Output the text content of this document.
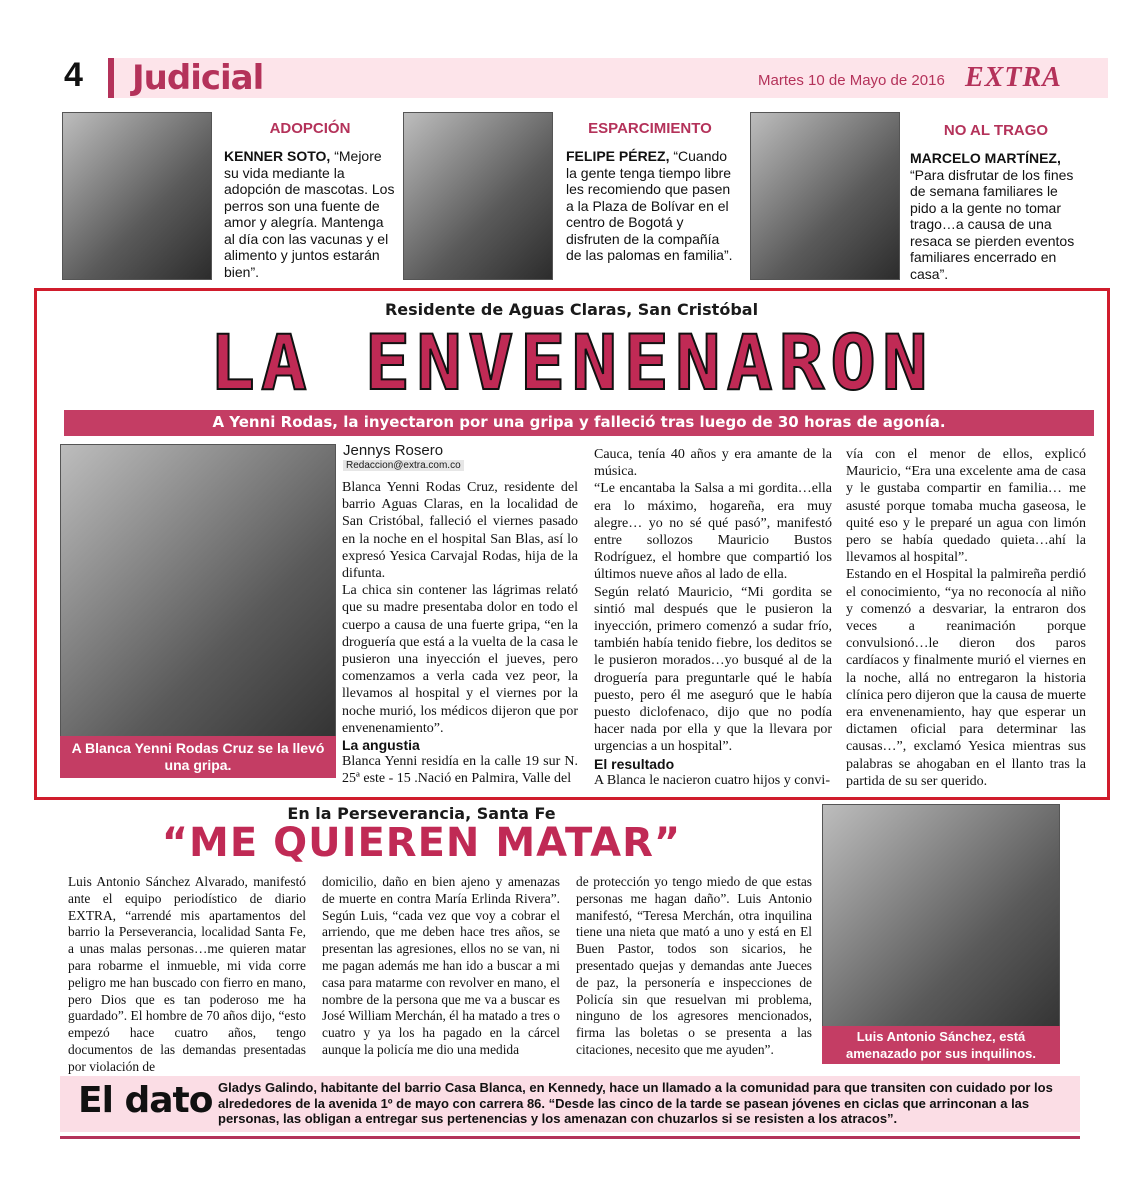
4 Judicial	Martes 10 de Mayo de 2016 EXTRA
ADOPCIÓN
KENNER SOTO, “Mejore su vida mediante la adopción de mascotas. Los perros son una fuente de amor y alegría. Mantenga al día con las vacunas y el alimento y juntos estarán bien”.
ESPARCIMIENTO
FELIPE PÉREZ, “Cuando la gente tenga tiempo libre les recomiendo que pasen a la Plaza de Bolívar en el centro de Bogotá y disfruten de la compañía de las palomas en familia”.
NO AL TRAGO
MARCELO MARTÍNEZ, “Para disfrutar de los fines de semana familiares le pido a la gente no tomar trago…a causa de una resaca se pierden eventos familiares encerrado en casa”.
Residente de Aguas Claras, San Cristóbal
LA ENVENENARON
A Yenni Rodas, la inyectaron por una gripa y falleció tras luego de 30 horas de agonía.
A Blanca Yenni Rodas Cruz se la llevó una gripa.
Jennys Rosero
Redaccion@extra.com.co

Blanca Yenni Rodas Cruz, residente del barrio Aguas Claras, en la localidad de San Cristóbal, falleció el viernes pasado en la noche en el hospital San Blas, así lo expresó Yesica Carvajal Rodas, hija de la difunta.

La chica sin contener las lágrimas relató que su madre presentaba dolor en todo el cuerpo a causa de una fuerte gripa, “en la droguería que está a la vuelta de la casa le pusieron una inyección el jueves, pero comenzamos a verla cada vez peor, la llevamos al hospital y el viernes por la noche murió, los médicos dijeron que por envenenamiento”.

La angustia

Blanca Yenni residía en la calle 19 sur N. 25ª este - 15 .Nació en Palmira, Valle del

Cauca, tenía 40 años y era amante de la música.

“Le encantaba la Salsa a mi gordita…ella era lo máximo, hogareña, era muy alegre… yo no sé qué pasó”, manifestó entre sollozos Mauricio Bustos Rodríguez, el hombre que compartió los últimos nueve años al lado de ella.

Según relató Mauricio, “Mi gordita se sintió mal después que le pusieron la inyección, primero comenzó a sudar frío, también había tenido fiebre, los deditos se le pusieron morados…yo busqué al de la droguería para preguntarle qué le había puesto, pero él me aseguró que le había puesto diclofenaco, dijo que no podía hacer nada por ella y que la llevara por urgencias a un hospital”.

El resultado

A Blanca le nacieron cuatro hijos y convi-

vía con el menor de ellos, explicó Mauricio, “Era una excelente ama de casa y le gustaba compartir en familia… me asusté porque tomaba mucha gaseosa, le quité eso y le preparé un agua con limón pero se había quedado quieta…ahí la llevamos al hospital”.

Estando en el Hospital la palmireña perdió el conocimiento, “ya no reconocía al niño y comenzó a desvariar, la entraron dos veces a reanimación porque convulsionó…le dieron dos paros cardíacos y finalmente murió el viernes en la noche, allá no entregaron la historia clínica pero dijeron que la causa de muerte era envenenamiento, hay que esperar un dictamen oficial para determinar las causas…”, exclamó Yesica mientras sus palabras se ahogaban en el llanto tras la partida de su ser querido.

En la Perseverancia, Santa Fe
“ME QUIEREN MATAR”
Luis Antonio Sánchez Alvarado, manifestó ante el equipo periodístico de diario EXTRA, “arrendé mis apartamentos del barrio la Perseverancia, localidad Santa Fe, a unas malas personas…me quieren matar para robarme el inmueble, mi vida corre peligro me han buscado con fierro en mano, pero Dios que es tan poderoso me ha guardado”. El hombre de 70 años dijo, “esto empezó hace cuatro años, tengo documentos de las demandas presentadas por violación de
domicilio, daño en bien ajeno y amenazas de muerte en contra María Erlinda Rivera”. Según Luis, “cada vez que voy a cobrar el arriendo, que me deben hace tres años, se presentan las agresiones, ellos no se van, ni me pagan además me han ido a buscar a mi casa para matarme con revolver en mano, el nombre de la persona que me va a buscar es José William Merchán, él ha matado a tres o cuatro y ya los ha pagado en la cárcel aunque la policía me dio una medida
de protección yo tengo miedo de que estas personas me hagan daño”. Luis Antonio manifestó, “Teresa Merchán, otra inquilina tiene una nieta que mató a uno y está en El Buen Pastor, todos son sicarios, he presentado quejas y demandas ante Jueces de paz, la personería e inspecciones de Policía sin que resuelvan mi problema, ninguno de los agresores mencionados, firma las boletas o se presenta a las citaciones, necesito que me ayuden”.
Luis Antonio Sánchez, está amenazado por sus inquilinos.
El dato Gladys Galindo, habitante del barrio Casa Blanca, en Kennedy, hace un llamado a la comunidad para que transiten con cuidado por los alrededores de la avenida 1º de mayo con carrera 86. “Desde las cinco de la tarde se pasean jóvenes en ciclas que arrinconan a las personas, las obligan a entregar sus pertenencias y los amenazan con chuzarlos si se resisten a los atracos”.
